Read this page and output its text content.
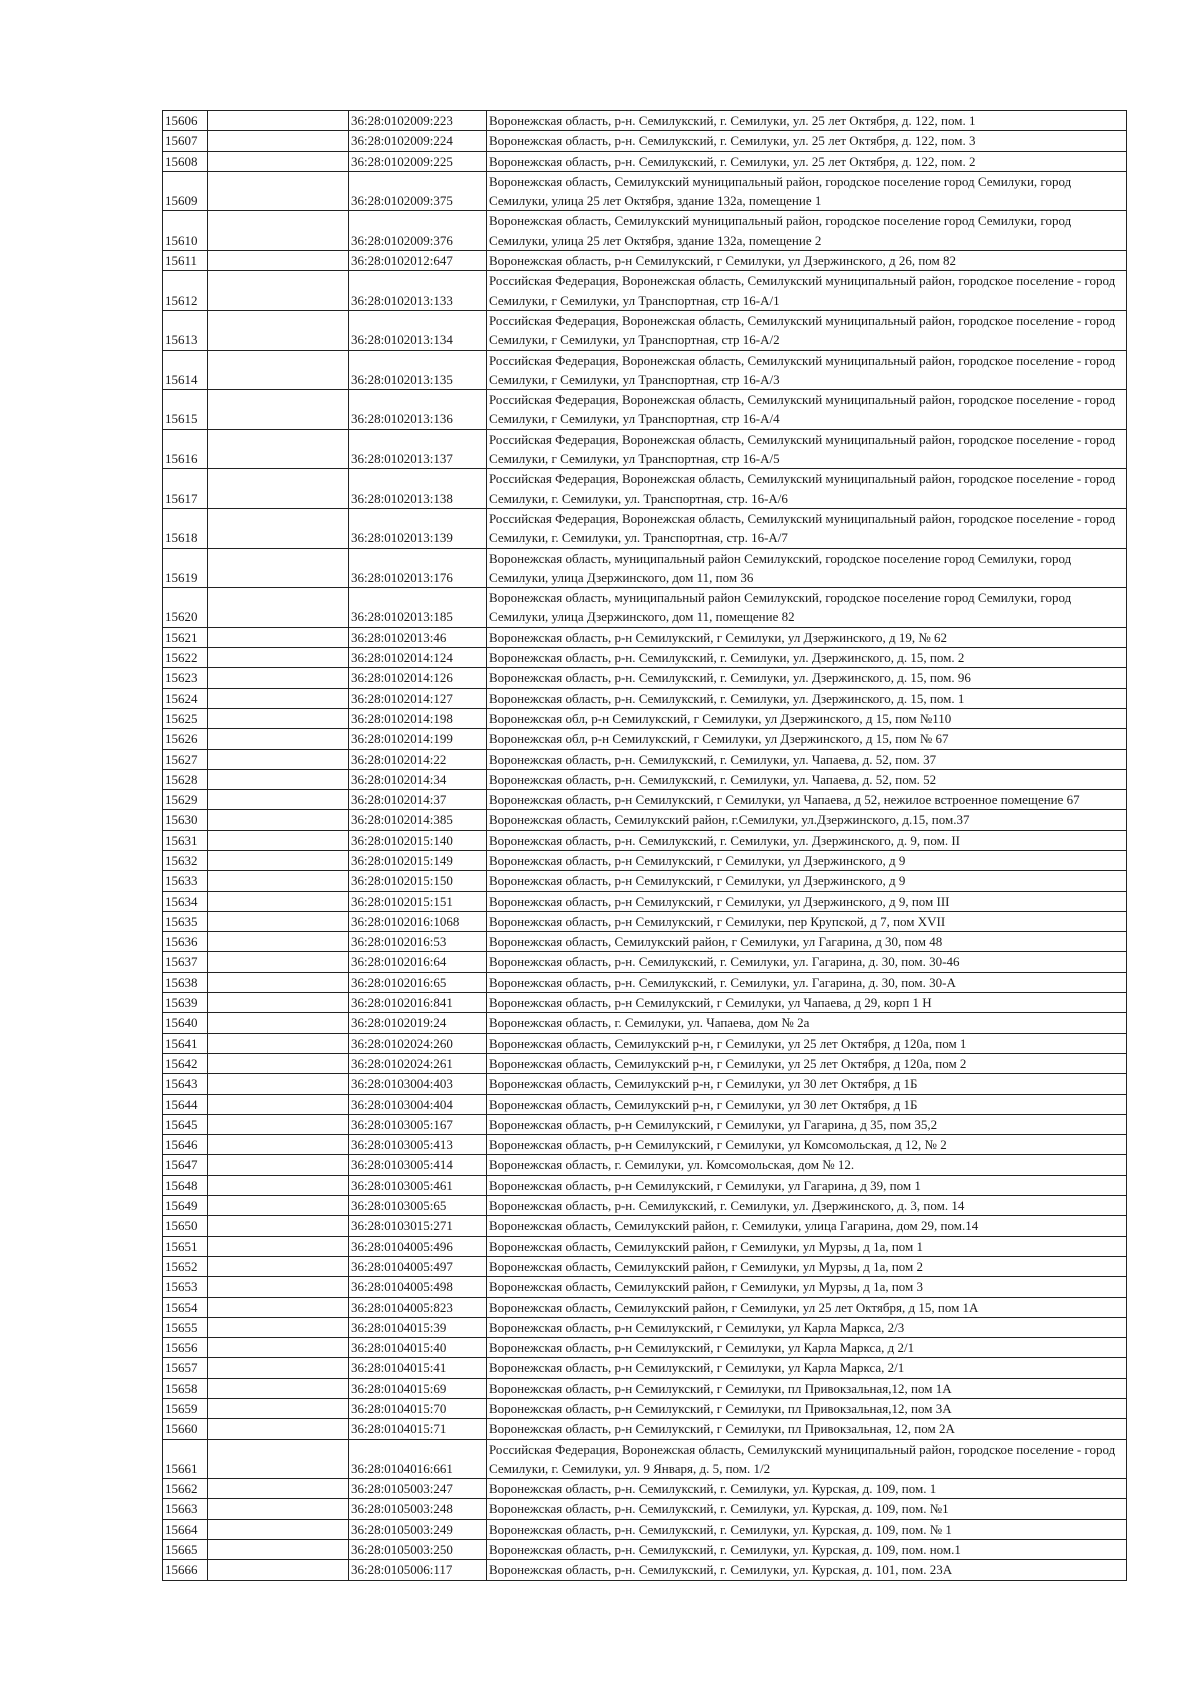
15606		36:28:0102009:223	Воронежская область, р-н. Семилукский, г. Семилуки, ул. 25 лет Октября, д. 122, пом. 1
15607		36:28:0102009:224	Воронежская область, р-н. Семилукский, г. Семилуки, ул. 25 лет Октября, д. 122, пом. 3
15608		36:28:0102009:225	Воронежская область, р-н. Семилукский, г. Семилуки, ул. 25 лет Октября, д. 122, пом. 2
15609		36:28:0102009:375	Воронежская область, Семилукский муниципальный район, городское поселение город Семилуки, город Семилуки, улица 25 лет Октября, здание 132а, помещение 1
15610		36:28:0102009:376	Воронежская область, Семилукский муниципальный район, городское поселение город Семилуки, город Семилуки, улица 25 лет Октября, здание 132а, помещение 2
15611		36:28:0102012:647	Воронежская область, р-н Семилукский, г Семилуки, ул Дзержинского, д 26, пом 82
15612		36:28:0102013:133	Российская Федерация, Воронежская область, Семилукский муниципальный район, городское поселение - город Семилуки, г Семилуки, ул Транспортная, стр 16-А/1
15613		36:28:0102013:134	Российская Федерация, Воронежская область, Семилукский муниципальный район, городское поселение - город Семилуки, г Семилуки, ул Транспортная, стр 16-А/2
15614		36:28:0102013:135	Российская Федерация, Воронежская область, Семилукский муниципальный район, городское поселение - город Семилуки, г Семилуки, ул Транспортная, стр 16-А/3
15615		36:28:0102013:136	Российская Федерация, Воронежская область, Семилукский муниципальный район, городское поселение - город Семилуки, г Семилуки, ул Транспортная, стр 16-А/4
15616		36:28:0102013:137	Российская Федерация, Воронежская область, Семилукский муниципальный район, городское поселение - город Семилуки, г Семилуки, ул Транспортная, стр 16-А/5
15617		36:28:0102013:138	Российская Федерация, Воронежская область, Семилукский муниципальный район, городское поселение - город Семилуки, г. Семилуки, ул. Транспортная, стр. 16-А/6
15618		36:28:0102013:139	Российская Федерация, Воронежская область, Семилукский муниципальный район, городское поселение - город Семилуки, г. Семилуки, ул. Транспортная, стр. 16-А/7
15619		36:28:0102013:176	Воронежская область, муниципальный район Семилукский, городское поселение город Семилуки, город Семилуки, улица Дзержинского, дом 11, пом 36
15620		36:28:0102013:185	Воронежская область, муниципальный район Семилукский, городское поселение город Семилуки, город Семилуки, улица Дзержинского, дом 11, помещение 82
15621		36:28:0102013:46	Воронежская область, р-н Семилукский, г Семилуки, ул Дзержинского, д 19, № 62
15622		36:28:0102014:124	Воронежская область, р-н. Семилукский, г. Семилуки, ул. Дзержинского, д. 15, пом. 2
15623		36:28:0102014:126	Воронежская область, р-н. Семилукский, г. Семилуки, ул. Дзержинского, д. 15, пом. 96
15624		36:28:0102014:127	Воронежская область, р-н. Семилукский, г. Семилуки, ул. Дзержинского, д. 15, пом. 1
15625		36:28:0102014:198	Воронежская обл, р-н Семилукский, г Семилуки, ул Дзержинского, д 15, пом №110
15626		36:28:0102014:199	Воронежская обл, р-н Семилукский, г Семилуки, ул Дзержинского, д 15, пом № 67
15627		36:28:0102014:22	Воронежская область, р-н. Семилукский, г. Семилуки, ул. Чапаева, д. 52, пом. 37
15628		36:28:0102014:34	Воронежская область, р-н. Семилукский, г. Семилуки, ул. Чапаева, д. 52, пом. 52
15629		36:28:0102014:37	Воронежская область, р-н Семилукский, г Семилуки, ул Чапаева, д 52, нежилое встроенное помещение 67
15630		36:28:0102014:385	Воронежская область, Семилукский район, г.Семилуки, ул.Дзержинского, д.15, пом.37
15631		36:28:0102015:140	Воронежская область, р-н. Семилукский, г. Семилуки, ул. Дзержинского, д. 9, пом. II
15632		36:28:0102015:149	Воронежская область, р-н Семилукский, г Семилуки, ул Дзержинского, д 9
15633		36:28:0102015:150	Воронежская область, р-н Семилукский, г Семилуки, ул Дзержинского, д 9
15634		36:28:0102015:151	Воронежская область, р-н Семилукский, г Семилуки, ул Дзержинского, д 9, пом III
15635		36:28:0102016:1068	Воронежская область, р-н Семилукский, г Семилуки, пер Крупской, д 7, пом XVII
15636		36:28:0102016:53	Воронежская область, Семилукский район, г Семилуки, ул Гагарина, д 30, пом 48
15637		36:28:0102016:64	Воронежская область, р-н. Семилукский, г. Семилуки, ул. Гагарина, д. 30, пом. 30-46
15638		36:28:0102016:65	Воронежская область, р-н. Семилукский, г. Семилуки, ул. Гагарина, д. 30, пом. 30-А
15639		36:28:0102016:841	Воронежская область, р-н Семилукский, г Семилуки, ул Чапаева, д 29, корп 1 Н
15640		36:28:0102019:24	Воронежская область, г. Семилуки, ул. Чапаева, дом № 2а
15641		36:28:0102024:260	Воронежская область, Семилукский р-н, г Семилуки, ул 25 лет Октября, д 120а, пом 1
15642		36:28:0102024:261	Воронежская область, Семилукский р-н, г Семилуки, ул 25 лет Октября, д 120а, пом 2
15643		36:28:0103004:403	Воронежская область, Семилукский р-н, г Семилуки, ул 30 лет Октября, д 1Б
15644		36:28:0103004:404	Воронежская область, Семилукский р-н, г Семилуки, ул 30 лет Октября, д 1Б
15645		36:28:0103005:167	Воронежская область, р-н Семилукский, г Семилуки, ул Гагарина, д 35, пом 35,2
15646		36:28:0103005:413	Воронежская область, р-н Семилукский, г Семилуки, ул Комсомольская, д 12, № 2
15647		36:28:0103005:414	Воронежская область, г. Семилуки, ул. Комсомольская, дом № 12.
15648		36:28:0103005:461	Воронежская область, р-н Семилукский, г Семилуки, ул Гагарина, д 39, пом 1
15649		36:28:0103005:65	Воронежская область, р-н. Семилукский, г. Семилуки, ул. Дзержинского, д. 3, пом. 14
15650		36:28:0103015:271	Воронежская область, Семилукский район, г. Семилуки, улица Гагарина, дом 29, пом.14
15651		36:28:0104005:496	Воронежская область, Семилукский район, г Семилуки, ул Мурзы, д 1а, пом 1
15652		36:28:0104005:497	Воронежская область, Семилукский район, г Семилуки, ул Мурзы, д 1а, пом 2
15653		36:28:0104005:498	Воронежская область, Семилукский район, г Семилуки, ул Мурзы, д 1а, пом 3
15654		36:28:0104005:823	Воронежская область, Семилукский район, г Семилуки, ул 25 лет Октября, д 15, пом 1А
15655		36:28:0104015:39	Воронежская область, р-н Семилукский, г Семилуки, ул Карла Маркса, 2/3
15656		36:28:0104015:40	Воронежская область, р-н Семилукский, г Семилуки, ул Карла Маркса, д 2/1
15657		36:28:0104015:41	Воронежская область, р-н Семилукский, г Семилуки, ул Карла Маркса, 2/1
15658		36:28:0104015:69	Воронежская область, р-н Семилукский, г Семилуки, пл Привокзальная,12, пом 1А
15659		36:28:0104015:70	Воронежская область, р-н Семилукский, г Семилуки, пл Привокзальная,12, пом 3А
15660		36:28:0104015:71	Воронежская область, р-н Семилукский, г Семилуки, пл Привокзальная, 12, пом 2А
15661		36:28:0104016:661	Российская Федерация, Воронежская область, Семилукский муниципальный район, городское поселение - город Семилуки, г. Семилуки, ул. 9 Января, д. 5, пом. 1/2
15662		36:28:0105003:247	Воронежская область, р-н. Семилукский, г. Семилуки, ул. Курская, д. 109, пом. 1
15663		36:28:0105003:248	Воронежская область, р-н. Семилукский, г. Семилуки, ул. Курская, д. 109, пом. №1
15664		36:28:0105003:249	Воронежская область, р-н. Семилукский, г. Семилуки, ул. Курская, д. 109, пом. № 1
15665		36:28:0105003:250	Воронежская область, р-н. Семилукский, г. Семилуки, ул. Курская, д. 109, пом. ном.1
15666		36:28:0105006:117	Воронежская область, р-н. Семилукский, г. Семилуки, ул. Курская, д. 101, пом. 23А
